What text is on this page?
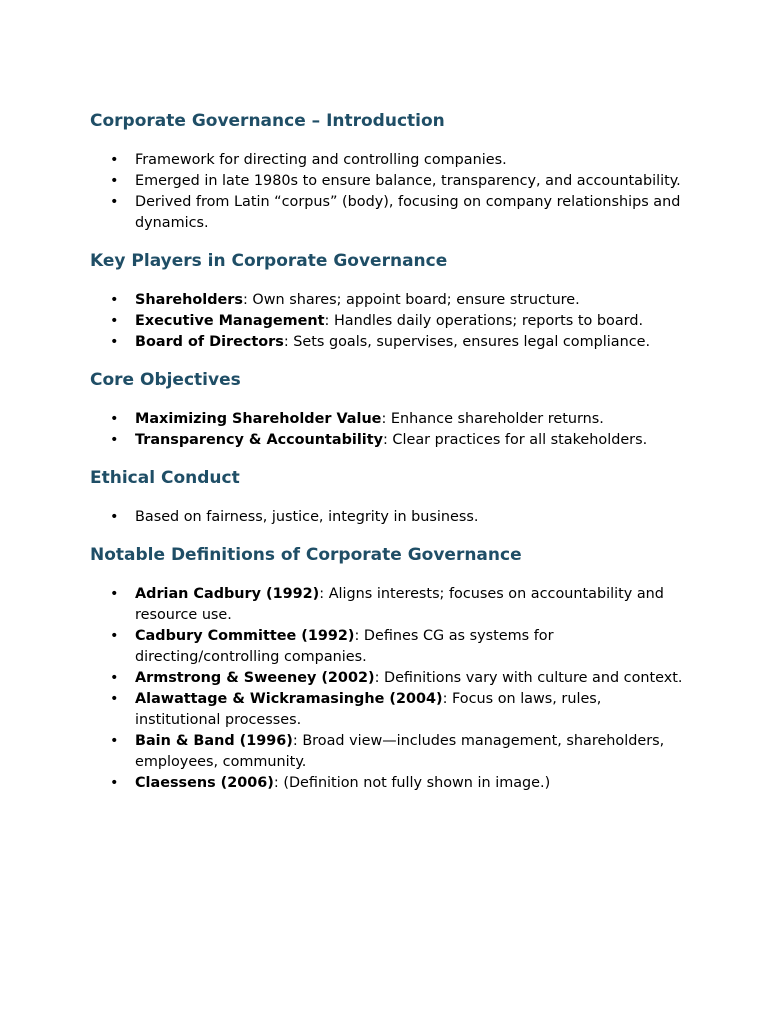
Corporate Governance – Introduction
• Framework for directing and controlling companies.
• Emerged in late 1980s to ensure balance, transparency, and accountability.
• Derived from Latin “corpus” (body), focusing on company relationships and dynamics.
Key Players in Corporate Governance
• Shareholders: Own shares; appoint board; ensure structure.
• Executive Management: Handles daily operations; reports to board.
• Board of Directors: Sets goals, supervises, ensures legal compliance.
Core Objectives
• Maximizing Shareholder Value: Enhance shareholder returns.
• Transparency & Accountability: Clear practices for all stakeholders.
Ethical Conduct
• Based on fairness, justice, integrity in business.
Notable Definitions of Corporate Governance
• Adrian Cadbury (1992): Aligns interests; focuses on accountability and resource use.
• Cadbury Committee (1992): Defines CG as systems for directing/controlling companies.
• Armstrong & Sweeney (2002): Definitions vary with culture and context.
• Alawattage & Wickramasinghe (2004): Focus on laws, rules, institutional processes.
• Bain & Band (1996): Broad view—includes management, shareholders, employees, community.
• Claessens (2006): (Definition not fully shown in image.)
